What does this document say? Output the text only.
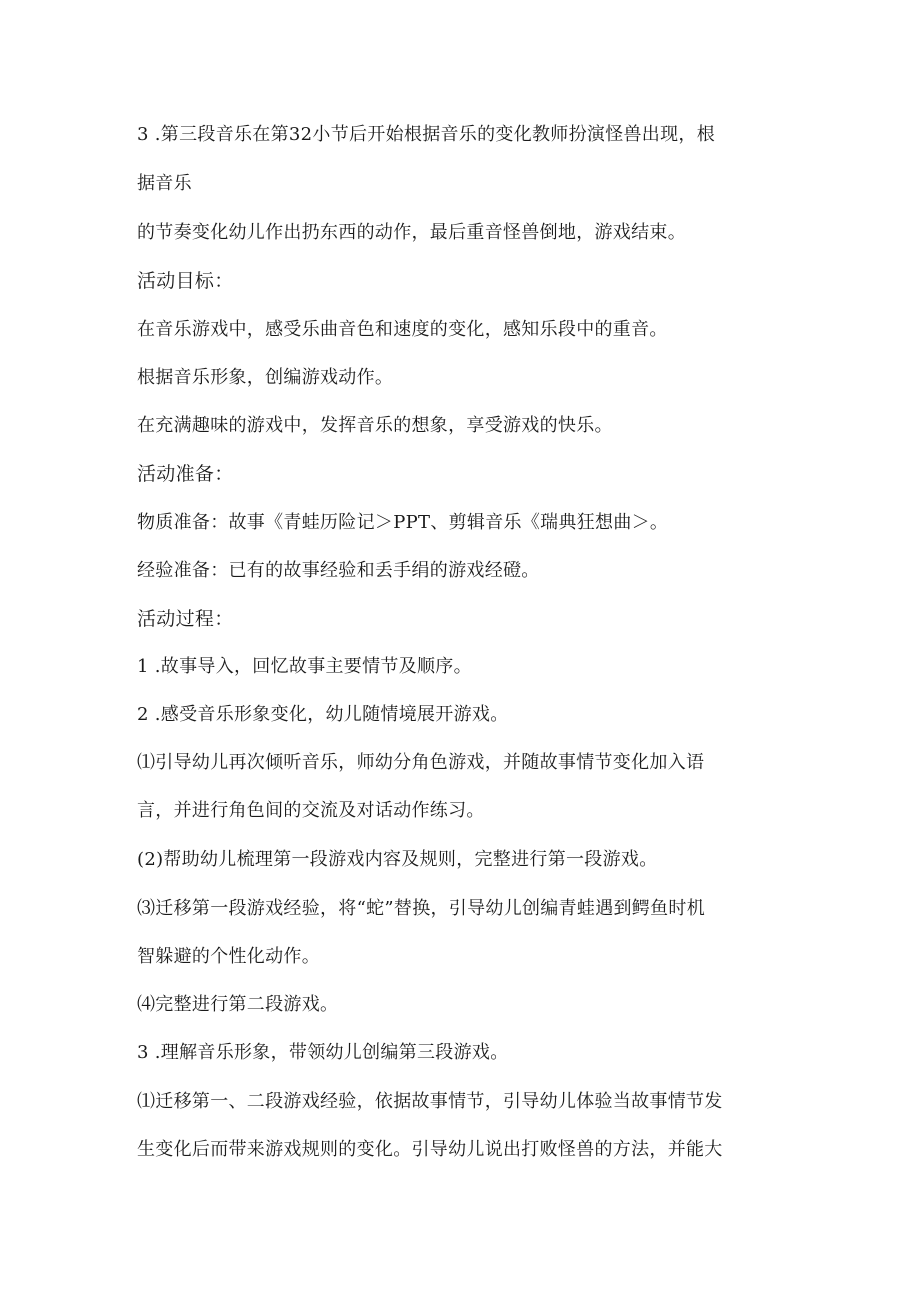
3 .第三段音乐在第32小节后开始根据音乐的变化教师扮演怪兽出现，根
据音乐
的节奏变化幼儿作出扔东西的动作，最后重音怪兽倒地，游戏结束。
活动目标：
在音乐游戏中，感受乐曲音色和速度的变化，感知乐段中的重音。
根据音乐形象，创编游戏动作。
在充满趣味的游戏中，发挥音乐的想象，享受游戏的快乐。
活动准备：
物质准备：故事《青蛙历险记＞PPT、剪辑音乐《瑞典狂想曲＞。
经验准备：已有的故事经验和丢手绢的游戏经磴。
活动过程：
1 .故事导入，回忆故事主要情节及顺序。
2 .感受音乐形象变化，幼儿随情境展开游戏。
⑴引导幼儿再次倾听音乐，师幼分角色游戏，并随故事情节变化加入语
言，并进行角色间的交流及对话动作练习。
(2)帮助幼儿梳理第一段游戏内容及规则，完整进行第一段游戏。
⑶迁移第一段游戏经验，将“蛇”替换，引导幼儿创编青蛙遇到鳄鱼时机
智躲避的个性化动作。
⑷完整进行第二段游戏。
3 .理解音乐形象，带领幼儿创编第三段游戏。
⑴迁移第一、二段游戏经验，依据故事情节，引导幼儿体验当故事情节发
生变化后而带来游戏规则的变化。引导幼儿说出打败怪兽的方法，并能大
